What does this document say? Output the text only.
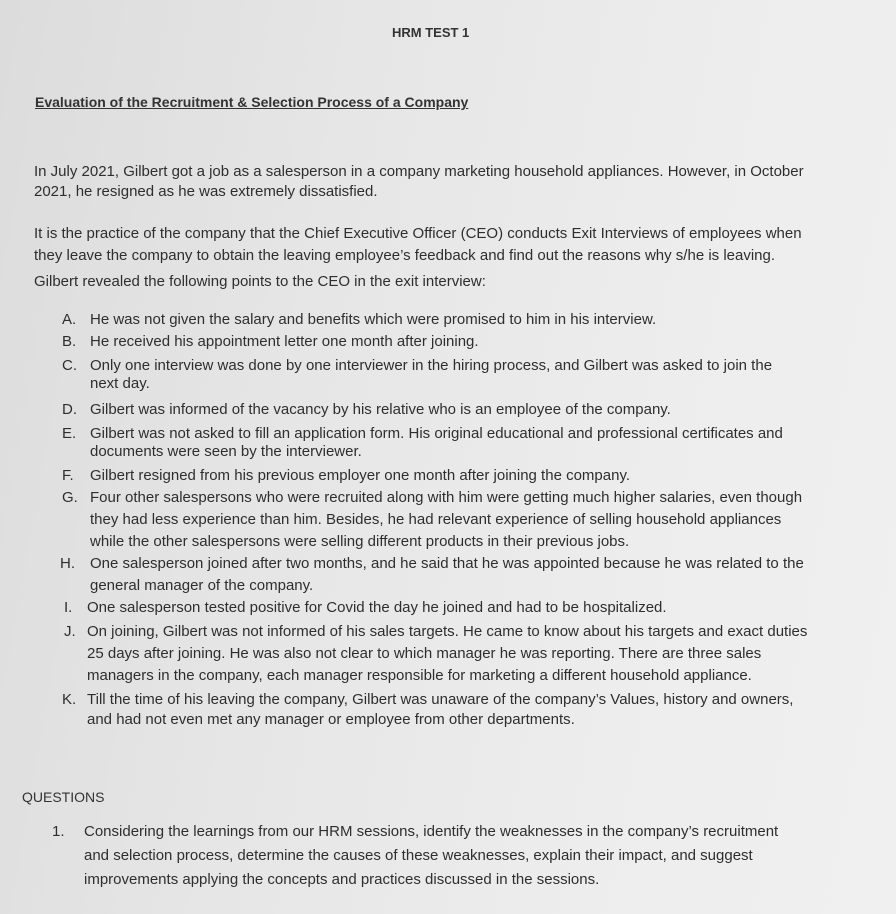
HRM TEST 1
Evaluation of the Recruitment & Selection Process of a Company
In July 2021, Gilbert got a job as a salesperson in a company marketing household appliances. However, in October
2021, he resigned as he was extremely dissatisfied.
It is the practice of the company that the Chief Executive Officer (CEO) conducts Exit Interviews of employees when
they leave the company to obtain the leaving employee’s feedback and find out the reasons why s/he is leaving.
Gilbert revealed the following points to the CEO in the exit interview:
A. He was not given the salary and benefits which were promised to him in his interview.
B. He received his appointment letter one month after joining.
C. Only one interview was done by one interviewer in the hiring process, and Gilbert was asked to join the
next day.
D. Gilbert was informed of the vacancy by his relative who is an employee of the company.
E. Gilbert was not asked to fill an application form. His original educational and professional certificates and
documents were seen by the interviewer.
F. Gilbert resigned from his previous employer one month after joining the company.
G. Four other salespersons who were recruited along with him were getting much higher salaries, even though
they had less experience than him. Besides, he had relevant experience of selling household appliances
while the other salespersons were selling different products in their previous jobs.
H. One salesperson joined after two months, and he said that he was appointed because he was related to the
general manager of the company.
I. One salesperson tested positive for Covid the day he joined and had to be hospitalized.
J. On joining, Gilbert was not informed of his sales targets. He came to know about his targets and exact duties
25 days after joining. He was also not clear to which manager he was reporting. There are three sales
managers in the company, each manager responsible for marketing a different household appliance.
K. Till the time of his leaving the company, Gilbert was unaware of the company’s Values, history and owners,
and had not even met any manager or employee from other departments.
1. Considering the learnings from our HRM sessions, identify the weaknesses in the company’s recruitment
and selection process, determine the causes of these weaknesses, explain their impact, and suggest
improvements applying the concepts and practices discussed in the sessions.
QUESTIONS
